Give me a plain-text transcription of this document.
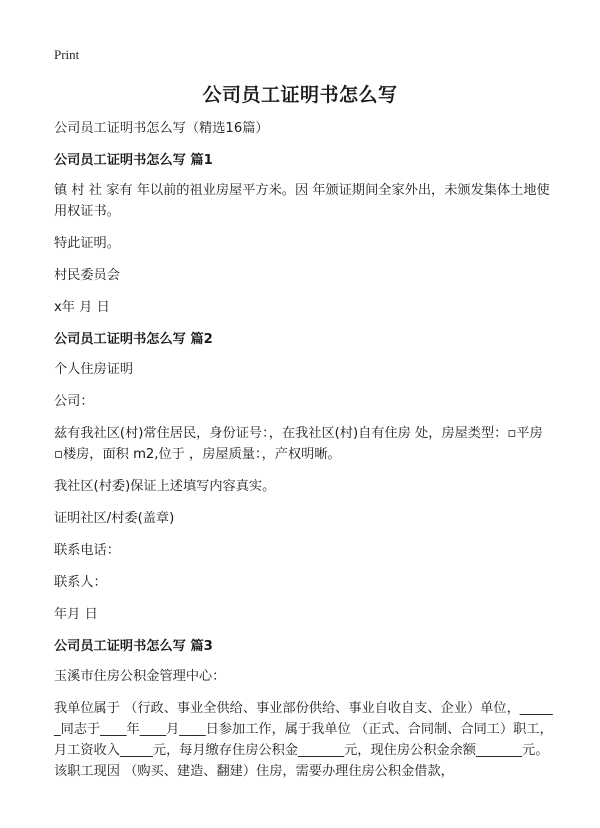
Print
公司员工证明书怎么写

公司员工证明书怎么写（精选16篇）

公司员工证明书怎么写 篇1

镇 村 社 家有 年以前的祖业房屋平方米。因 年颁证期间全家外出，未颁发集体土地使用权证书。

特此证明。

村民委员会

x年 月 日

公司员工证明书怎么写 篇2

个人住房证明

公司：

兹有我社区(村)常住居民，身份证号：，在我社区(村)自有住房 处，房屋类型：▫平房 ▫楼房，面积 m2,位于 ，房屋质量：，产权明晰。

我社区(村委)保证上述填写内容真实。

证明社区/村委(盖章)

联系电话：

联系人：

年月 日

公司员工证明书怎么写 篇3

玉溪市住房公积金管理中心：

我单位属于 （行政、事业全供给、事业部份供给、事业自收自支、企业）单位，______同志于____年____月____日参加工作，属于我单位 （正式、合同制、合同工）职工，月工资收入_____元，每月缴存住房公积金_______元，现住房公积金余额_______元。该职工现因 （购买、建造、翻建）住房，需要办理住房公积金借款，
